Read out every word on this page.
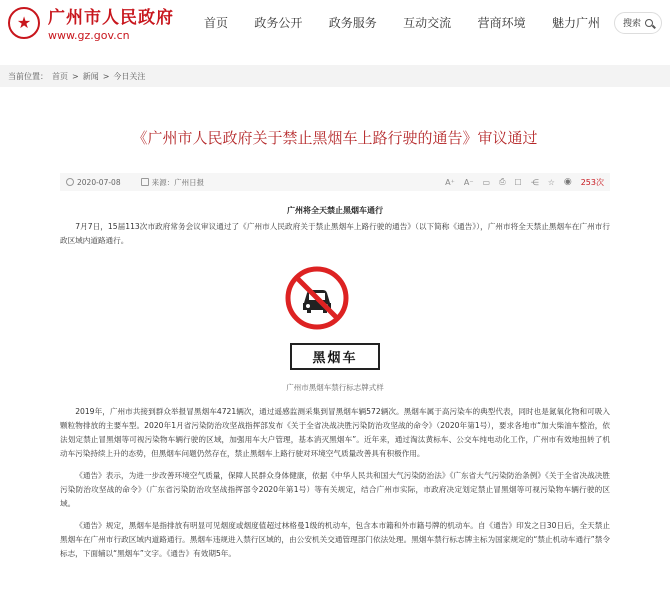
★ 广州市人民政府
www.gz.gov.cn
首页 政务公开 政务服务 互动交流 营商环境 魅力广州	搜索
当前位置： 首页 > 新闻 > 今日关注
《广州市人民政府关于禁止黑烟车上路行驶的通告》审议通过
2020-07-08	来源：广州日报	A⁺ A⁻ ▭ ⎙ ☐ ⋲ ☆ ◉ 253次
广州将全天禁止黑烟车通行

7月7日，15届113次市政府常务会议审议通过了《广州市人民政府关于禁止黑烟车上路行驶的通告》（以下简称《通告》），广州市将全天禁止黑烟车在广州市行政区域内道路通行。

黑烟车
广州市黑烟车禁行标志牌式样

2019年，广州市共接到群众举报冒黑烟车4721辆次，通过遥感监测采集到冒黑烟车辆572辆次。黑烟车属于高污染车的典型代表，同时也是氮氧化物和可吸入颗粒物排放的主要车型。2020年1月省污染防治攻坚战指挥部发布《关于全省决战决胜污染防治攻坚战的命令》（2020年第1号），要求各地市“加大柴油车整治，依法划定禁止冒黑烟等可视污染物车辆行驶的区域，加强用车大户管理，基本消灭黑烟车”。近年来，通过淘汰黄标车、公交车纯电动化工作，广州市有效地扭转了机动车污染持续上升的态势，但黑烟车问题仍然存在，禁止黑烟车上路行驶对环境空气质量改善具有积极作用。

《通告》表示，为进一步改善环境空气质量，保障人民群众身体健康，依据《中华人民共和国大气污染防治法》《广东省大气污染防治条例》《关于全省决战决胜污染防治攻坚战的命令》（广东省污染防治攻坚战指挥部令2020年第1号）等有关规定，结合广州市实际，市政府决定划定禁止冒黑烟等可视污染物车辆行驶的区域。

《通告》规定，黑烟车是指排放有明显可见烟度或烟度值超过林格曼1级的机动车，包含本市籍和外市籍号牌的机动车。自《通告》印发之日30日后，全天禁止黑烟车在广州市行政区域内道路通行。黑烟车违规进入禁行区域的，由公安机关交通管理部门依法处理。黑烟车禁行标志牌主标为国家规定的“禁止机动车通行”禁令标志，下面辅以“黑烟车”文字。《通告》有效期5年。
